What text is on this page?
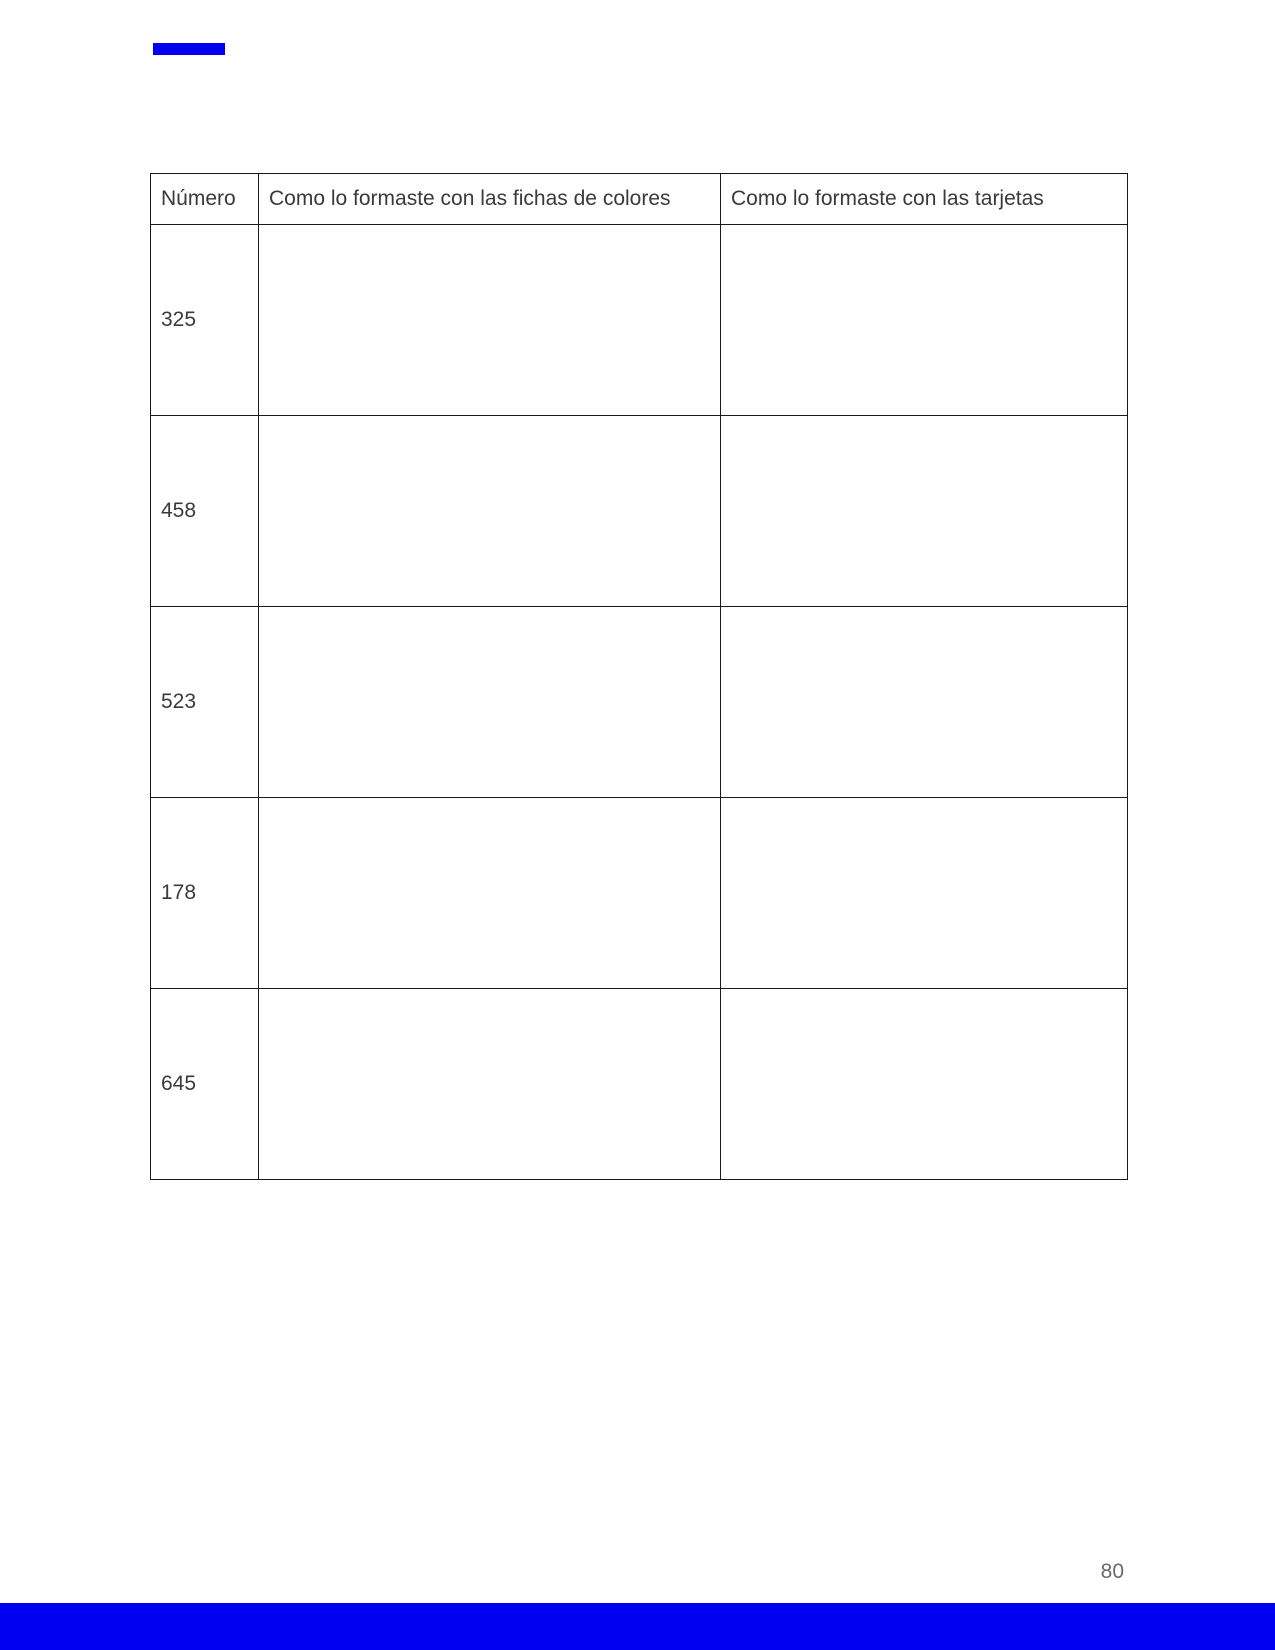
Número	Como lo formaste con las fichas de colores	Como lo formaste con las tarjetas
325		
458		
523		
178		
645		
80
